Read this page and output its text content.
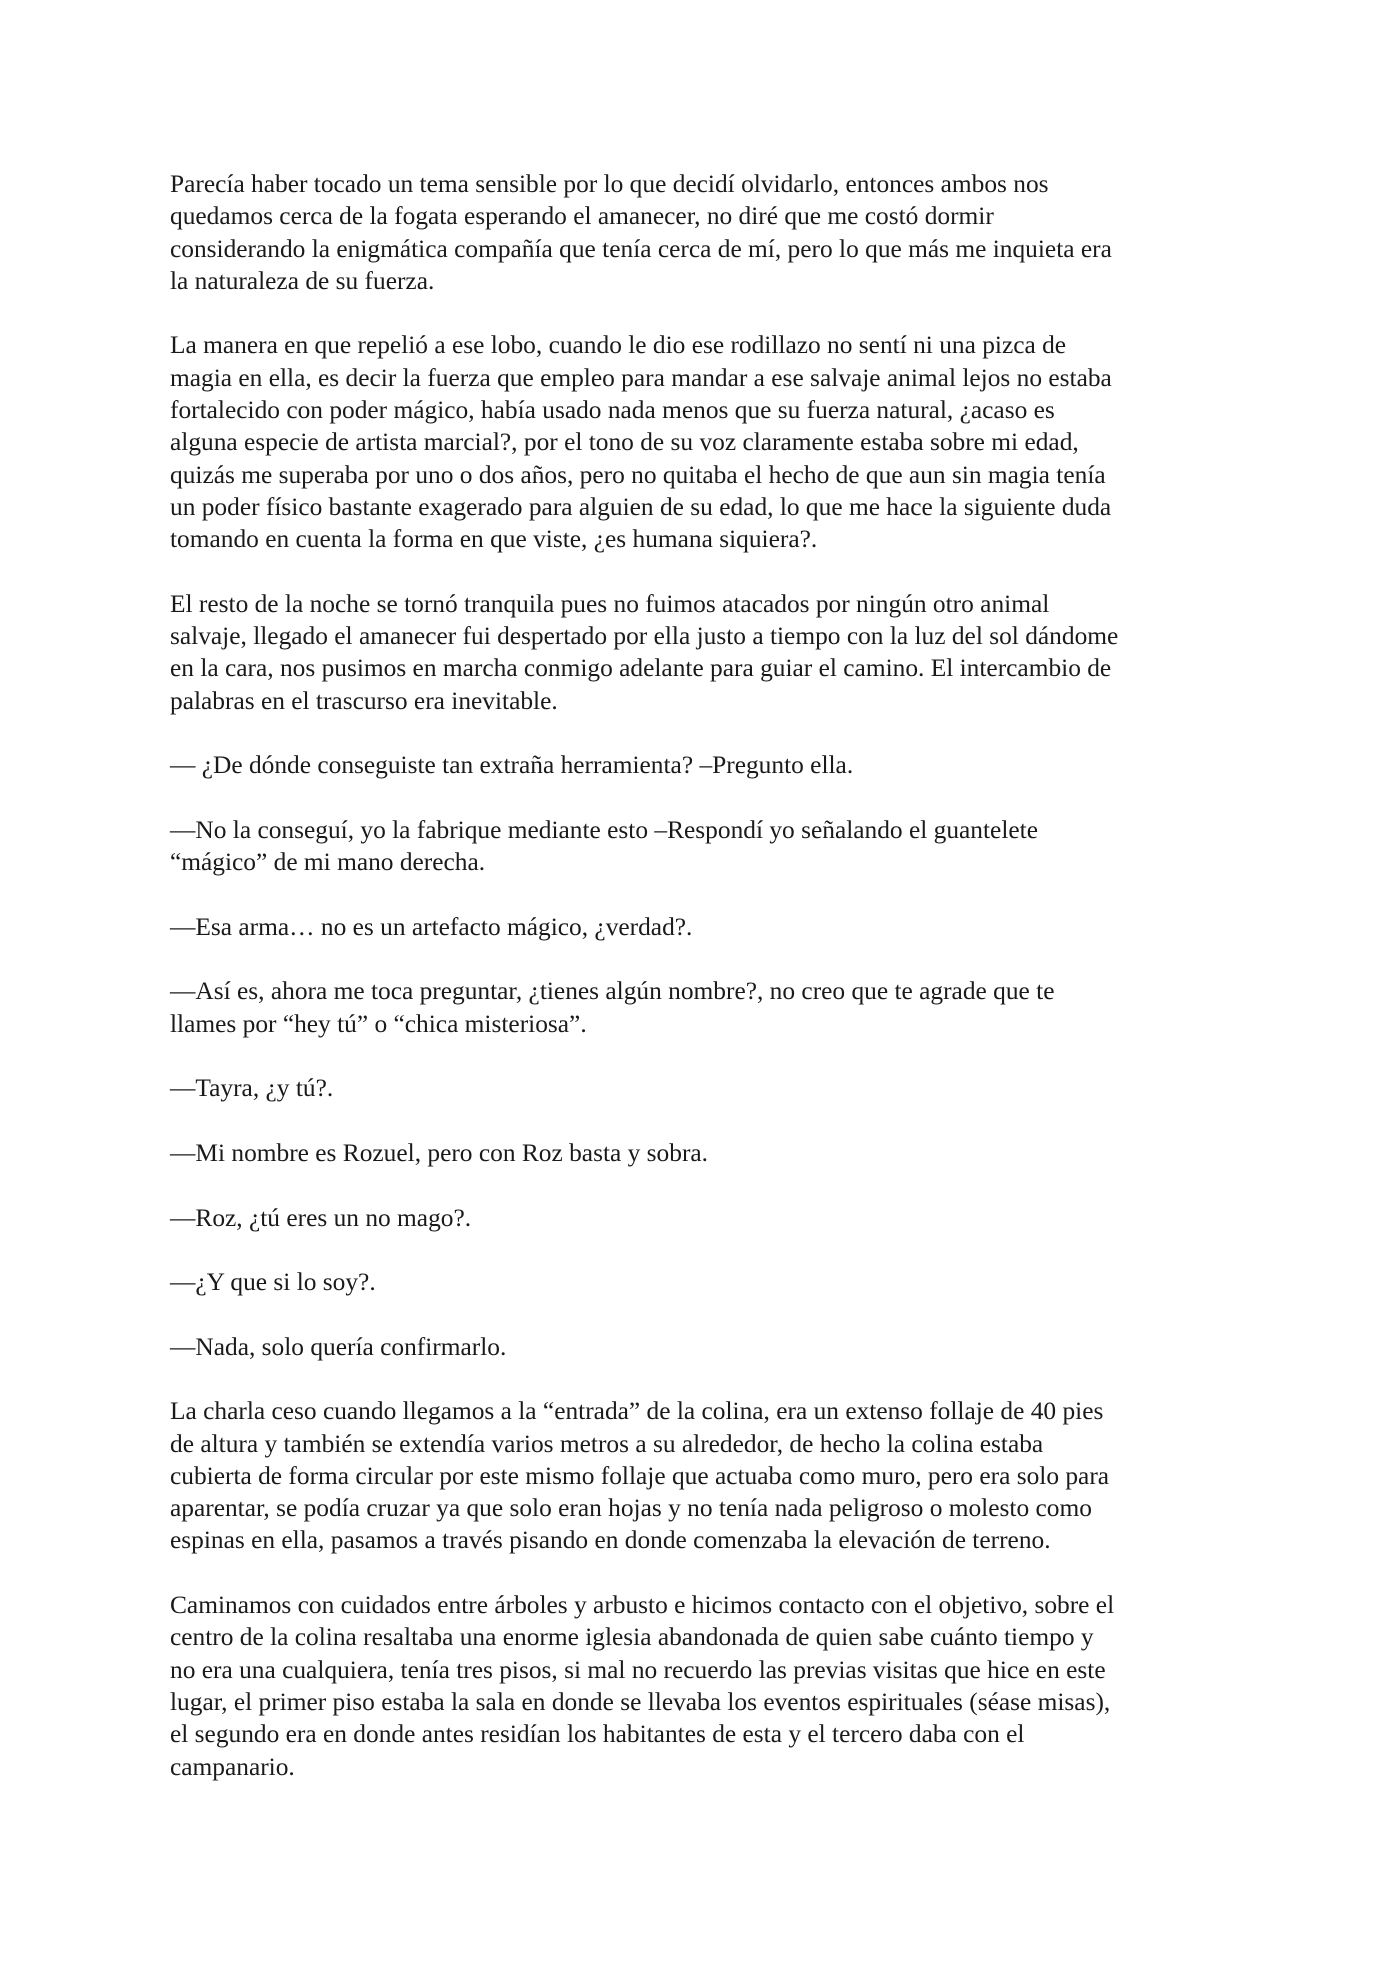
Parecía haber tocado un tema sensible por lo que decidí olvidarlo, entonces ambos nos
quedamos cerca de la fogata esperando el amanecer, no diré que me costó dormir
considerando la enigmática compañía que tenía cerca de mí, pero lo que más me inquieta era
la naturaleza de su fuerza.

La manera en que repelió a ese lobo, cuando le dio ese rodillazo no sentí ni una pizca de
magia en ella, es decir la fuerza que empleo para mandar a ese salvaje animal lejos no estaba
fortalecido con poder mágico, había usado nada menos que su fuerza natural, ¿acaso es
alguna especie de artista marcial?, por el tono de su voz claramente estaba sobre mi edad,
quizás me superaba por uno o dos años, pero no quitaba el hecho de que aun sin magia tenía
un poder físico bastante exagerado para alguien de su edad, lo que me hace la siguiente duda
tomando en cuenta la forma en que viste, ¿es humana siquiera?.

El resto de la noche se tornó tranquila pues no fuimos atacados por ningún otro animal
salvaje, llegado el amanecer fui despertado por ella justo a tiempo con la luz del sol dándome
en la cara, nos pusimos en marcha conmigo adelante para guiar el camino. El intercambio de
palabras en el trascurso era inevitable.

— ¿De dónde conseguiste tan extraña herramienta? –Pregunto ella.

—No la conseguí, yo la fabrique mediante esto –Respondí yo señalando el guantelete
“mágico” de mi mano derecha.

—Esa arma… no es un artefacto mágico, ¿verdad?.

—Así es, ahora me toca preguntar, ¿tienes algún nombre?, no creo que te agrade que te
llames por “hey tú” o “chica misteriosa”.

—Tayra, ¿y tú?.

—Mi nombre es Rozuel, pero con Roz basta y sobra.

—Roz, ¿tú eres un no mago?.

—¿Y que si lo soy?.

—Nada, solo quería confirmarlo.

La charla ceso cuando llegamos a la “entrada” de la colina, era un extenso follaje de 40 pies
de altura y también se extendía varios metros a su alrededor, de hecho la colina estaba
cubierta de forma circular por este mismo follaje que actuaba como muro, pero era solo para
aparentar, se podía cruzar ya que solo eran hojas y no tenía nada peligroso o molesto como
espinas en ella, pasamos a través pisando en donde comenzaba la elevación de terreno.

Caminamos con cuidados entre árboles y arbusto e hicimos contacto con el objetivo, sobre el
centro de la colina resaltaba una enorme iglesia abandonada de quien sabe cuánto tiempo y
no era una cualquiera, tenía tres pisos, si mal no recuerdo las previas visitas que hice en este
lugar, el primer piso estaba la sala en donde se llevaba los eventos espirituales (séase misas),
el segundo era en donde antes residían los habitantes de esta y el tercero daba con el
campanario.
